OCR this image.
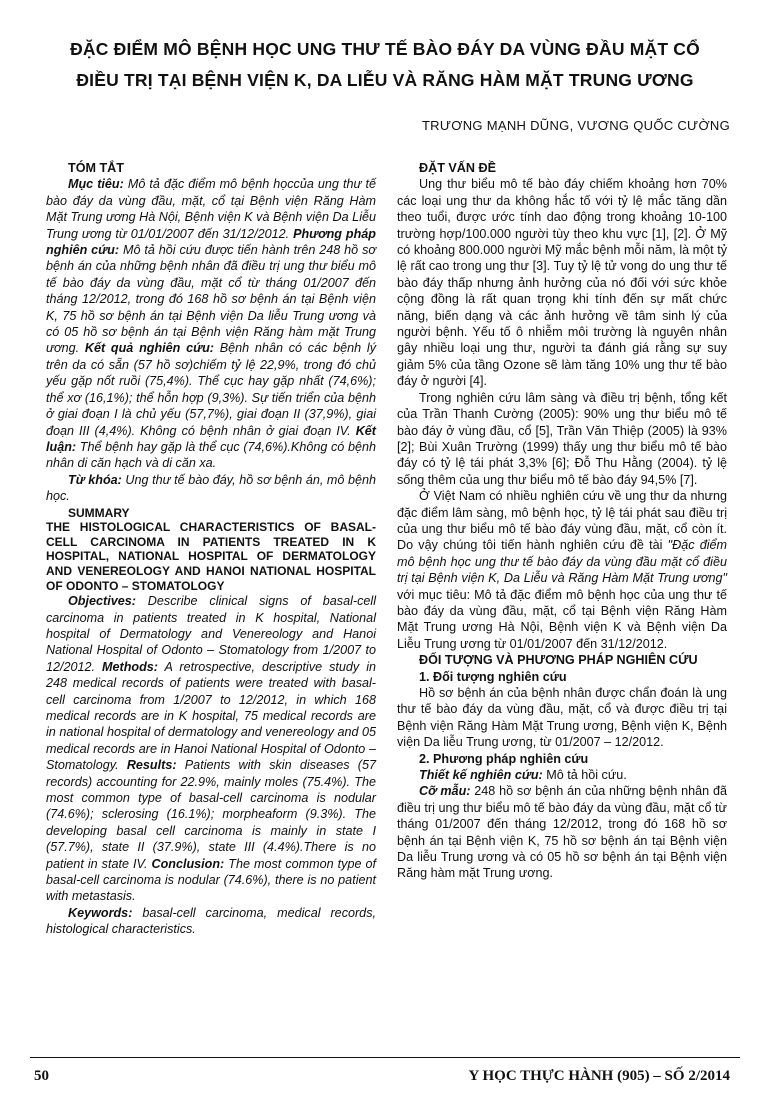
ĐẶC ĐIỂM MÔ BỆNH HỌC UNG THƯ TẾ BÀO ĐÁY DA VÙNG ĐẦU MẶT CỔ
ĐIỀU TRỊ TẠI BỆNH VIỆN K, DA LIỄU VÀ RĂNG HÀM MẶT TRUNG ƯƠNG
TRƯƠNG MẠNH DŨNG, VƯƠNG QUỐC CƯỜNG

TÓM TẮT

Mục tiêu: Mô tả đặc điểm mô bệnh họccủa ung thư tế bào đáy da vùng đầu, mặt, cổ tại Bệnh viện Răng Hàm Mặt Trung ương Hà Nội, Bệnh viện K và Bệnh viện Da Liễu Trung ương từ 01/01/2007 đến 31/12/2012. Phương pháp nghiên cứu: Mô tả hồi cứu được tiến hành trên 248 hồ sơ bệnh án của những bệnh nhân đã điều trị ung thư biểu mô tế bào đáy da vùng đầu, mặt cổ từ tháng 01/2007 đến tháng 12/2012, trong đó 168 hồ sơ bệnh án tại Bệnh viện K, 75 hồ sơ bệnh án tại Bệnh viện Da liễu Trung ương và có 05 hồ sơ bệnh án tại Bệnh viện Răng hàm mặt Trung ương. Kết quả nghiên cứu: Bệnh nhân có các bệnh lý trên da có sẵn (57 hồ sơ)chiếm tỷ lệ 22,9%, trong đó chủ yếu gặp nốt ruồi (75,4%). Thể cục hay gặp nhất (74,6%); thể xơ (16,1%); thể hỗn hợp (9,3%). Sự tiến triển của bệnh ở giai đoạn I là chủ yếu (57,7%), giai đoạn II (37,9%), giai đoạn III (4,4%). Không có bệnh nhân ở giai đoạn IV. Kết luận: Thể bệnh hay gặp là thể cục (74,6%).Không có bệnh nhân di căn hạch và di căn xa.

Từ khóa: Ung thư tế bào đáy, hồ sơ bệnh án, mô bệnh học.

SUMMARY

THE HISTOLOGICAL CHARACTERISTICS OF BASAL-CELL CARCINOMA IN PATIENTS TREATED IN K HOSPITAL, NATIONAL HOSPITAL OF DERMATOLOGY AND VENEREOLOGY AND HANOI NATIONAL HOSPITAL OF ODONTO – STOMATOLOGY

Objectives: Describe clinical signs of basal-cell carcinoma in patients treated in K hospital, National hospital of Dermatology and Venereology and Hanoi National Hospital of Odonto – Stomatology from 1/2007 to 12/2012. Methods: A retrospective, descriptive study in 248 medical records of patients were treated with basal-cell carcinoma from 1/2007 to 12/2012, in which 168 medical records are in K hospital, 75 medical records are in national hospital of dermatology and venereology and 05 medical records are in Hanoi National Hospital of Odonto – Stomatology. Results: Patients with skin diseases (57 records) accounting for 22.9%, mainly moles (75.4%). The most common type of basal-cell carcinoma is nodular (74.6%); sclerosing (16.1%); morpheaform (9.3%). The developing basal cell carcinoma is mainly in state I (57.7%), state II (37.9%), state III (4.4%).There is no patient in state IV. Conclusion: The most common type of basal-cell carcinoma is nodular (74.6%), there is no patient with metastasis.

Keywords: basal-cell carcinoma, medical records, histological characteristics.

ĐẶT VẤN ĐỀ

Ung thư biểu mô tế bào đáy chiếm khoảng hơn 70% các loại ung thư da không hắc tố với tỷ lệ mắc tăng dần theo tuổi, được ước tính dao động trong khoảng 10-100 trường hợp/100.000 người tùy theo khu vực [1], [2]. Ở Mỹ có khoảng 800.000 người Mỹ mắc bệnh mỗi năm, là một tỷ lệ rất cao trong ung thư [3]. Tuy tỷ lệ tử vong do ung thư tế bào đáy thấp nhưng ảnh hưởng của nó đối với sức khỏe cộng đồng là rất quan trọng khi tính đến sự mất chức năng, biến dạng và các ảnh hưởng về tâm sinh lý của người bệnh. Yếu tố ô nhiễm môi trường là nguyên nhân gây nhiều loại ung thư, người ta đánh giá rằng sự suy giảm 5% của tầng Ozone sẽ làm tăng 10% ung thư tế bào đáy ở người [4].

Trong nghiên cứu lâm sàng và điều trị bệnh, tổng kết của Trần Thanh Cường (2005): 90% ung thư biểu mô tế bào đáy ở vùng đầu, cổ [5], Trần Văn Thiệp (2005) là 93% [2]; Bùi Xuân Trường (1999) thấy ung thư biểu mô tế bào đáy có tỷ lệ tái phát 3,3% [6]; Đỗ Thu Hằng (2004). tỷ lệ sống thêm của ung thư biểu mô tế bào đáy 94,5% [7].

Ở Việt Nam có nhiều nghiên cứu về ung thư da nhưng đặc điểm lâm sàng, mô bệnh học, tỷ lệ tái phát sau điều trị của ung thư biểu mô tế bào đáy vùng đầu, mặt, cổ còn ít. Do vậy chúng tôi tiến hành nghiên cứu đề tài "Đặc điểm mô bệnh học ung thư tế bào đáy da vùng đầu mặt cổ điều trị tại Bệnh viện K, Da Liễu và Răng Hàm Mặt Trung ương" với mục tiêu: Mô tả đặc điểm mô bệnh học của ung thư tế bào đáy da vùng đầu, mặt, cổ tại Bệnh viện Răng Hàm Mặt Trung ương Hà Nội, Bệnh viện K và Bệnh viện Da Liễu Trung ương từ 01/01/2007 đến 31/12/2012.

ĐỐI TƯỢNG VÀ PHƯƠNG PHÁP NGHIÊN CỨU

1. Đối tượng nghiên cứu

Hồ sơ bệnh án của bệnh nhân được chẩn đoán là ung thư tế bào đáy da vùng đầu, mặt, cổ và được điều trị tại Bệnh viện Răng Hàm Mặt Trung ương, Bệnh viện K, Bệnh viện Da liễu Trung ương, từ 01/2007 – 12/2012.

2. Phương pháp nghiên cứu

Thiết kế nghiên cứu: Mô tả hồi cứu.

Cỡ mẫu: 248 hồ sơ bệnh án của những bệnh nhân đã điều trị ung thư biểu mô tế bào đáy da vùng đầu, mặt cổ từ tháng 01/2007 đến tháng 12/2012, trong đó 168 hồ sơ bệnh án tại Bệnh viện K, 75 hồ sơ bệnh án tại Bệnh viện Da liễu Trung ương và có 05 hồ sơ bệnh án tại Bệnh viện Răng hàm mặt Trung ương.

50	Y HỌC THỰC HÀNH (905) – SỐ 2/2014
